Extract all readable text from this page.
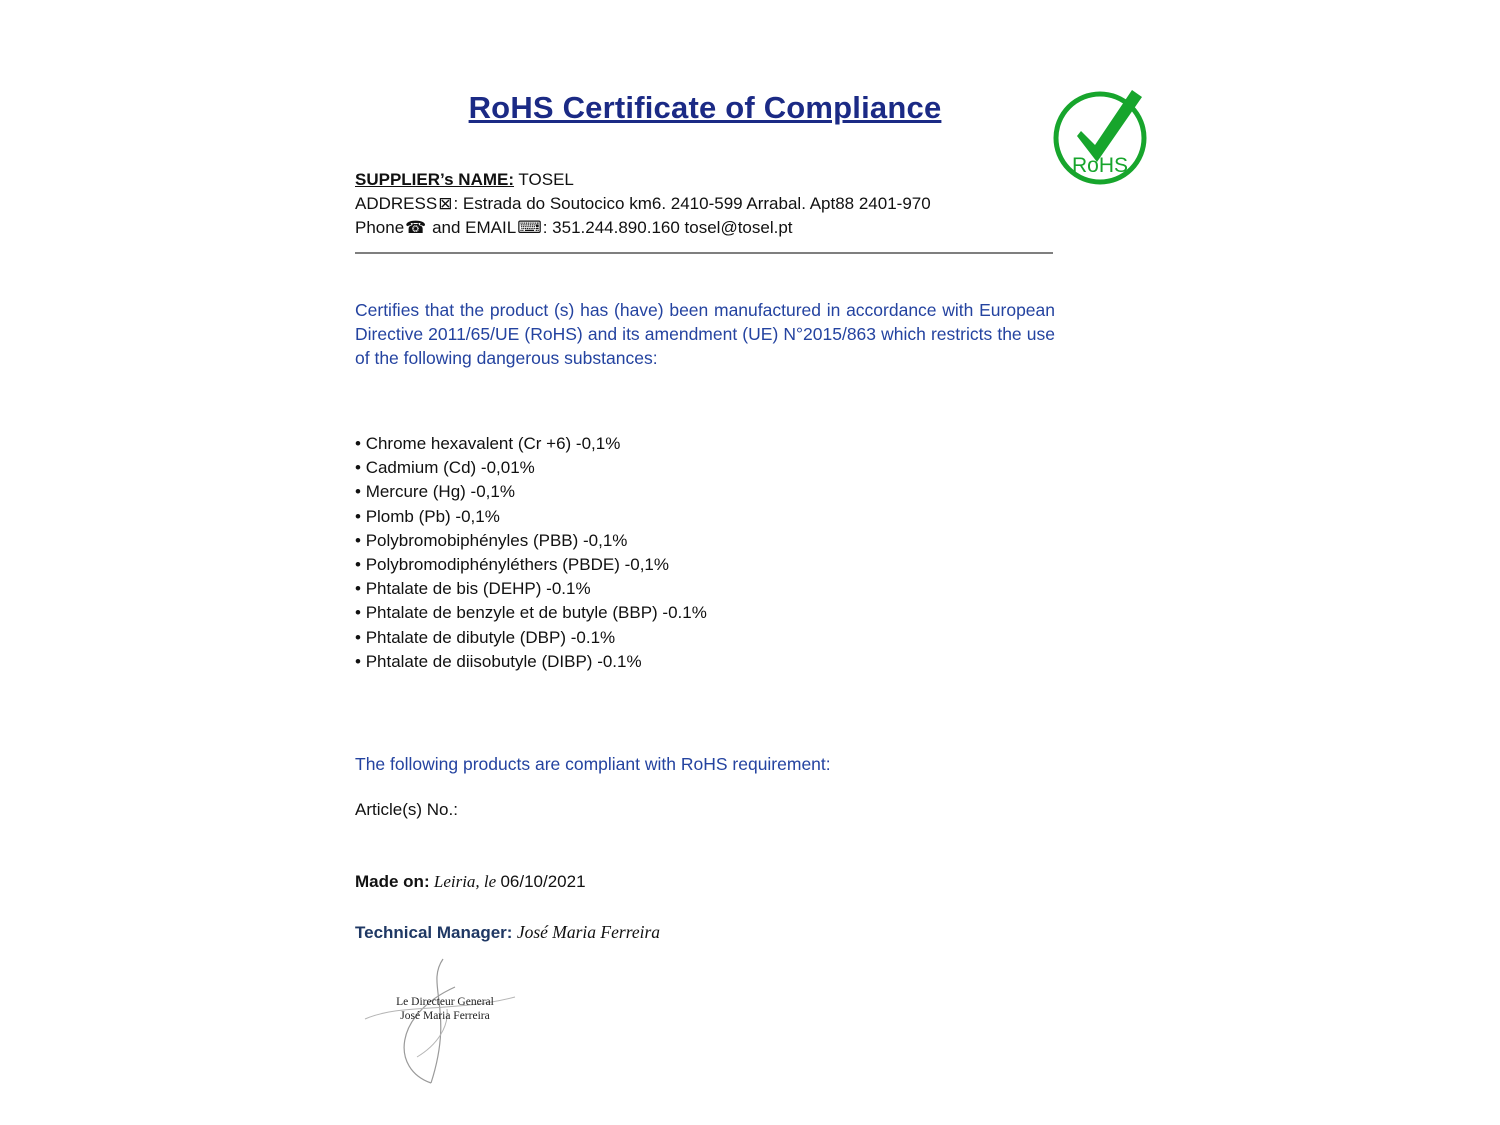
RoHS
RoHS Certificate of Compliance
SUPPLIER’s NAME: TOSEL
ADDRESS⊠: Estrada do Soutocico km6. 2410-599 Arrabal. Apt88 2401-970
Phone☎ and EMAIL⌨: 351.244.890.160 tosel@tosel.pt

Certifies that the product (s) has (have) been manufactured in accordance with European Directive 2011/65/UE (RoHS) and its amendment (UE) N°2015/863 which restricts the use of the following dangerous substances:

• Chrome hexavalent (Cr +6) -0,1%
• Cadmium (Cd) -0,01%
• Mercure (Hg) -0,1%
• Plomb (Pb) -0,1%
• Polybromobiphényles (PBB) -0,1%
• Polybromodiphényléthers (PBDE) -0,1%
• Phtalate de bis (DEHP) -0.1%
• Phtalate de benzyle et de butyle (BBP) -0.1%
• Phtalate de dibutyle (DBP) -0.1%
• Phtalate de diisobutyle (DIBP) -0.1%
The following products are compliant with RoHS requirement:
Article(s) No.:
Made on: Leiria, le 06/10/2021
Technical Manager: José Maria Ferreira
Le Directeur General
José Maria Ferreira
